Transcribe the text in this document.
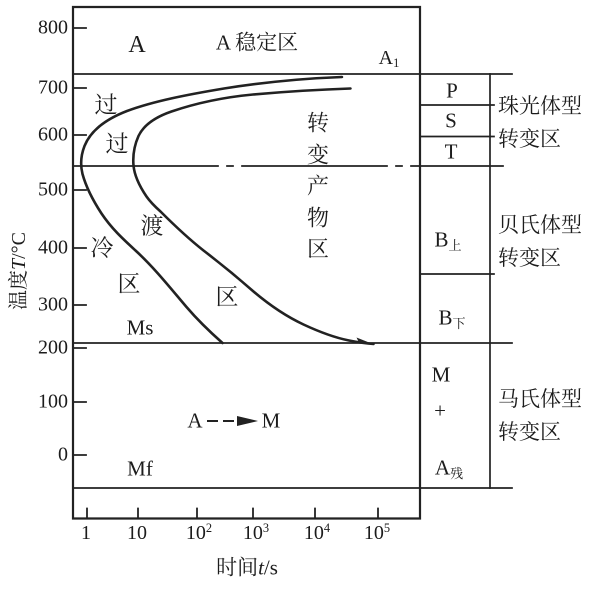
800
700
600
500
400
300
200
100
0
1 10 $10^2$ $10^3$ $10^4$ $10^5$
温度T/°C
时间t/s
A	A 稳定区
$A_1$
过
过
冷
渡
区
区
转
变
产
物
区
Ms
Mf
A	M
P
S
T
$B_上$
$B_下$
M
+
$A_残$
珠光体型
转变区
贝氏体型
转变区
马氏体型
转变区
